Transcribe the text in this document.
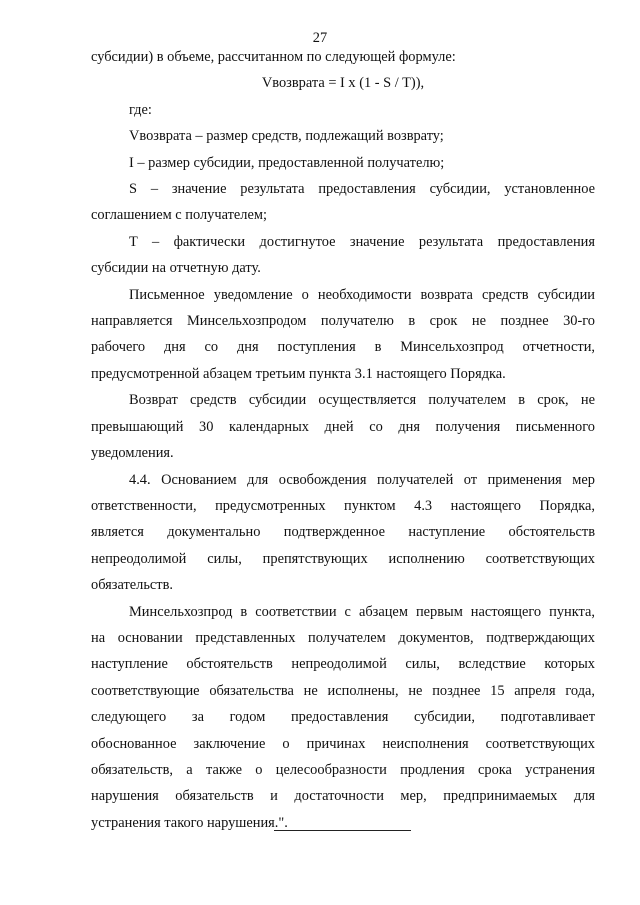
27

субсидии) в объеме, рассчитанном по следующей формуле:

Vвозврата = I х (1 - S / T)),

где:

Vвозврата – размер средств, подлежащий возврату;

I – размер субсидии, предоставленной получателю;

S – значение результата предоставления субсидии, установленное

соглашением с получателем;

T – фактически достигнутое значение результата предоставления

субсидии на отчетную дату.

Письменное уведомление о необходимости возврата средств субсидии

направляется Минсельхозпродом получателю в срок не позднее 30-го

рабочего дня со дня поступления в Минсельхозпрод отчетности,

предусмотренной абзацем третьим пункта 3.1 настоящего Порядка.

Возврат средств субсидии осуществляется получателем в срок, не

превышающий 30 календарных дней со дня получения письменного

уведомления.

4.4. Основанием для освобождения получателей от применения мер

ответственности, предусмотренных пунктом 4.3 настоящего Порядка,

является документально подтвержденное наступление обстоятельств

непреодолимой силы, препятствующих исполнению соответствующих

обязательств.

Минсельхозпрод в соответствии с абзацем первым настоящего пункта,

на основании представленных получателем документов, подтверждающих

наступление обстоятельств непреодолимой силы, вследствие которых

соответствующие обязательства не исполнены, не позднее 15 апреля года,

следующего за годом предоставления субсидии, подготавливает

обоснованное заключение о причинах неисполнения соответствующих

обязательств, а также о целесообразности продления срока устранения

нарушения обязательств и достаточности мер, предпринимаемых для

устранения такого нарушения.".
